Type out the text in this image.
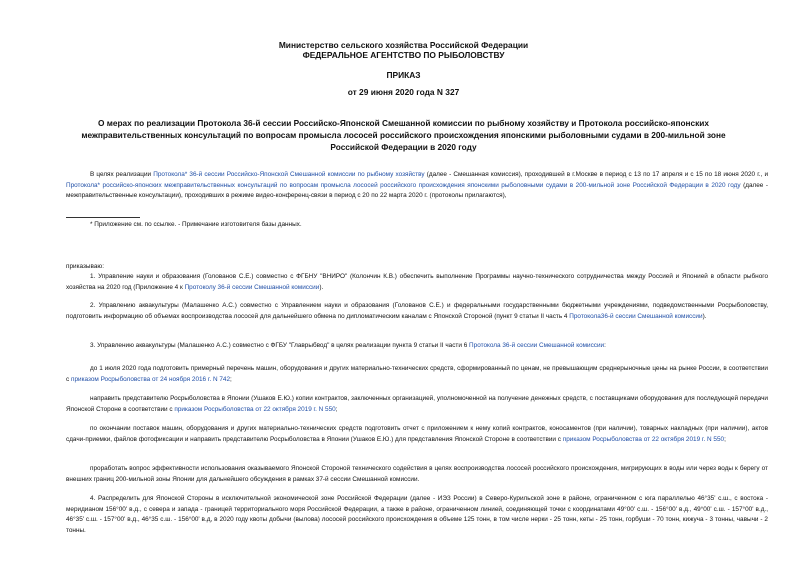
Министерство сельского хозяйства Российской Федерации
ФЕДЕРАЛЬНОЕ АГЕНТСТВО ПО РЫБОЛОВСТВУ
ПРИКАЗ
от 29 июня 2020 года N 327
О мерах по реализации Протокола 36-й сессии Российско-Японской Смешанной комиссии по рыбному хозяйству и Протокола российско-японских межправительственных консультаций по вопросам промысла лососей российского происхождения японскими рыболовными судами в 200-мильной зоне Российской Федерации в 2020 году

В целях реализации Протокола* 36-й сессии Российско-Японской Смешанной комиссии по рыбному хозяйству (далее - Смешанная комиссия), проходившей в г.Москве в период с 13 по 17 апреля и с 15 по 18 июня 2020 г., и Протокола* российско-японских межправительственных консультаций по вопросам промысла лососей российского происхождения японскими рыболовными судами в 200-мильной зоне Российской Федерации в 2020 году (далее - межправительственные консультации), проходивших в режиме видео-конференц-связи в период с 20 по 22 марта 2020 г. (протоколы прилагаются),

* Приложение см. по ссылке. - Примечание изготовителя базы данных.

приказываю:

1. Управление науки и образования (Голованов С.Е.) совместно с ФГБНУ "ВНИРО" (Колончин К.В.) обеспечить выполнение Программы научно-технического сотрудничества между Россией и Японией в области рыбного хозяйства на 2020 год (Приложение 4 к Протоколу 36-й сессии Смешанной комиссии).

2. Управлению аквакультуры (Малашенко А.С.) совместно с Управлением науки и образования (Голованов С.Е.) и федеральными государственными бюджетными учреждениями, подведомственными Росрыболовству, подготовить информацию об объемах воспроизводства лососей для дальнейшего обмена по дипломатическим каналам с Японской Стороной (пункт 9 статьи II часть 4 Протокола36-й сессии Смешанной комиссии).

3. Управлению аквакультуры (Малашенко А.С.) совместно с ФГБУ "Главрыбвод" в целях реализации пункта 9 статьи II части 6 Протокола 36-й сессии Смешанной комиссии:

до 1 июля 2020 года подготовить примерный перечень машин, оборудования и других материально-технических средств, сформированный по ценам, не превышающим среднерыночные цены на рынке России, в соответствии с приказом Росрыболовства от 24 ноября 2016 г. N 742;

направить представителю Росрыболовства в Японии (Ушаков Е.Ю.) копии контрактов, заключенных организацией, уполномоченной на получение денежных средств, с поставщиками оборудования для последующей передачи Японской Стороне в соответствии с приказом Росрыболовства от 22 октября 2019 г. N 550;

по окончании поставок машин, оборудования и других материально-технических средств подготовить отчет с приложением к нему копий контрактов, коносаментов (при наличии), товарных накладных (при наличии), актов сдачи-приемки, файлов фотофиксации и направить представителю Росрыболовства в Японии (Ушаков Е.Ю.) для представления Японской Стороне в соответствии с приказом Росрыболовства от 22 октября 2019 г. N 550;

проработать вопрос эффективности использования оказываемого Японской Стороной технического содействия в целях воспроизводства лососей российского происхождения, мигрирующих в воды или через воды к берегу от внешних границ 200-мильной зоны Японии для дальнейшего обсуждения в рамках 37-й сессии Смешанной комиссии.

4. Распределить для Японской Стороны в исключительной экономической зоне Российской Федерации (далее - ИЭЗ России) в Северо-Курильской зоне в районе, ограниченном с юга параллелью 46°35' с.ш., с востока - меридианом 156°00' в.д., с севера и запада - границей территориального моря Российской Федерации, а также в районе, ограниченном линией, соединяющей точки с координатами 49°00' с.ш. - 156°00' в.д., 49°00' с.ш. - 157°00' в.д., 46°35' с.ш. - 157°00' в.д., 46°35 с.ш. - 156°00' в.д, в 2020 году квоты добычи (вылова) лососей российского происхождения в объеме 125 тонн, в том числе нерки - 25 тонн, кеты - 25 тонн, горбуши - 70 тонн, кижуча - 3 тонны, чавычи - 2 тонны.
